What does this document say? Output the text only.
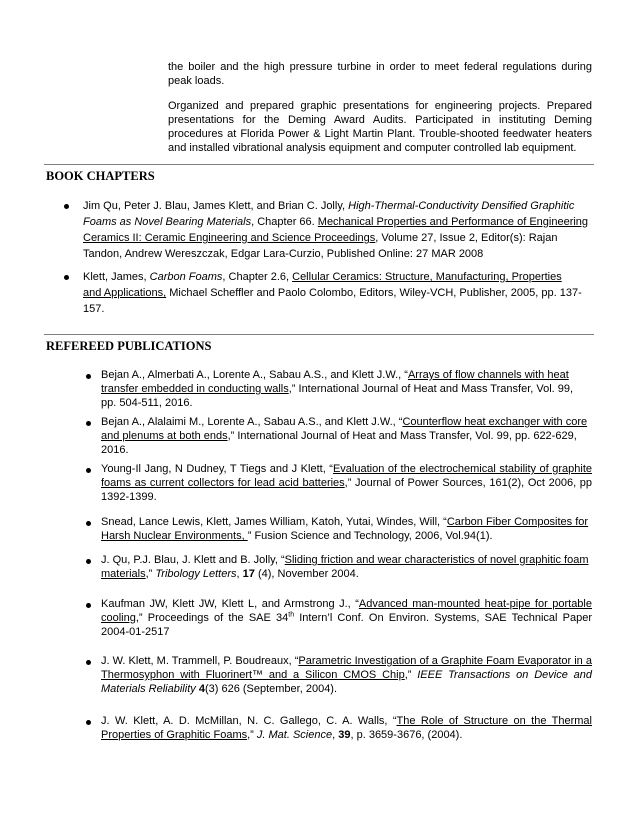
the boiler and the high pressure turbine in order to meet federal regulations during peak loads.

Organized and prepared graphic presentations for engineering projects. Prepared presentations for the Deming Award Audits. Participated in instituting Deming procedures at Florida Power & Light Martin Plant. Trouble-shooted feedwater heaters and installed vibrational analysis equipment and computer controlled lab equipment.

BOOK CHAPTERS
Jim Qu, Peter J. Blau, James Klett, and Brian C. Jolly, High-Thermal-Conductivity Densified Graphitic Foams as Novel Bearing Materials, Chapter 66. Mechanical Properties and Performance of Engineering Ceramics II: Ceramic Engineering and Science Proceedings, Volume 27, Issue 2, Editor(s): Rajan Tandon, Andrew Wereszczak, Edgar Lara-Curzio, Published Online: 27 MAR 2008
Klett, James, Carbon Foams, Chapter 2.6, Cellular Ceramics: Structure, Manufacturing, Properties and Applications, Michael Scheffler and Paolo Colombo, Editors, Wiley-VCH, Publisher, 2005, pp. 137-157.
REFEREED PUBLICATIONS
Bejan A., Almerbati A., Lorente A., Sabau A.S., and Klett J.W., “Arrays of flow channels with heat transfer embedded in conducting walls,” International Journal of Heat and Mass Transfer, Vol. 99, pp. 504-511, 2016.
Bejan A., Alalaimi M., Lorente A., Sabau A.S., and Klett J.W., “Counterflow heat exchanger with core and plenums at both ends,” International Journal of Heat and Mass Transfer, Vol. 99, pp. 622-629, 2016.
Young-Il Jang, N Dudney, T Tiegs and J Klett, “Evaluation of the electrochemical stability of graphite foams as current collectors for lead acid batteries,” Journal of Power Sources, 161(2), Oct 2006, pp 1392-1399.
Snead, Lance Lewis, Klett, James William, Katoh, Yutai, Windes, Will, “Carbon Fiber Composites for Harsh Nuclear Environments, ” Fusion Science and Technology, 2006, Vol.94(1).
J. Qu, P.J. Blau, J. Klett and B. Jolly, “Sliding friction and wear characteristics of novel graphitic foam materials,” Tribology Letters, 17 (4), November 2004.
Kaufman JW, Klett JW, Klett L, and Armstrong J., “Advanced man-mounted heat-pipe for portable cooling,” Proceedings of the SAE 34th Intern’l Conf. On Environ. Systems, SAE Technical Paper 2004-01-2517
J. W. Klett, M. Trammell, P. Boudreaux, “Parametric Investigation of a Graphite Foam Evaporator in a Thermosyphon with Fluorinert™ and a Silicon CMOS Chip,” IEEE Transactions on Device and Materials Reliability 4(3) 626 (September, 2004).
J. W. Klett, A. D. McMillan, N. C. Gallego, C. A. Walls, “The Role of Structure on the Thermal Properties of Graphitic Foams,” J. Mat. Science, 39, p. 3659-3676, (2004).
